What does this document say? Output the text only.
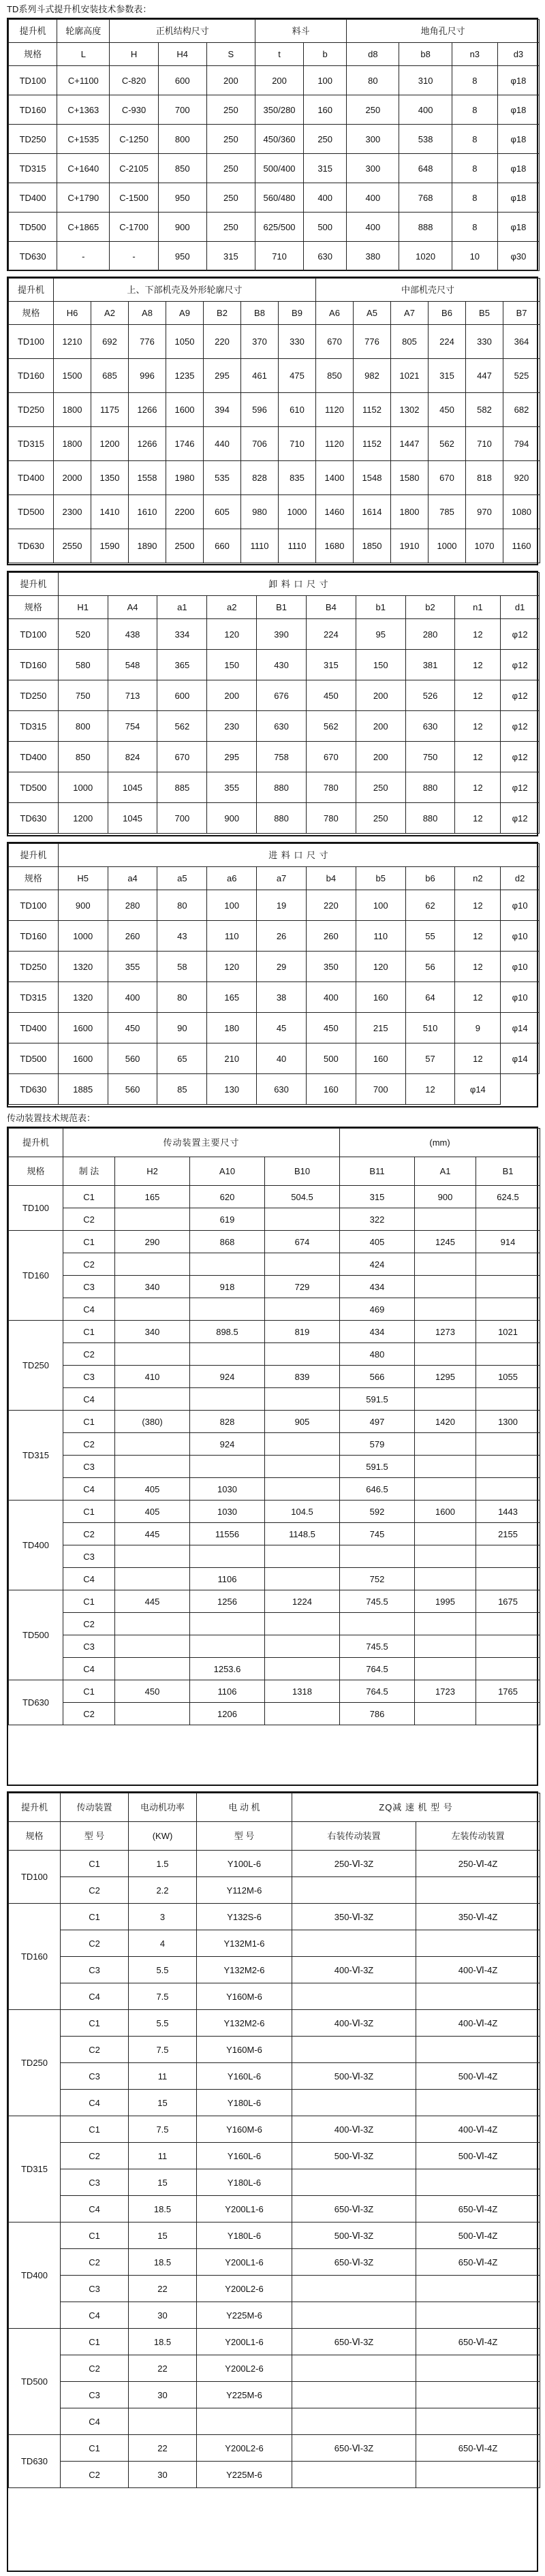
TD系列斗式提升机安装技术参数表：
提升机	轮廓高度	正机结构尺寸			料斗		地角孔尺寸			
规格	L	H	H4	S	t	b	d8	b8	n3	d3
TD100	C+1100	C-820	600	200	200	100	80	310	8	φ18
TD160	C+1363	C-930	700	250	350/280	160	250	400	8	φ18
TD250	C+1535	C-1250	800	250	450/360	250	300	538	8	φ18
TD315	C+1640	C-2105	850	250	500/400	315	300	648	8	φ18
TD400	C+1790	C-1500	950	250	560/480	400	400	768	8	φ18
TD500	C+1865	C-1700	900	250	625/500	500	400	888	8	φ18
TD630	-	-	950	315	710	630	380	1020	10	φ30
提升机	上、下部机壳及外形轮廓尺寸							中部机壳尺寸					
规格	H6	A2	A8	A9	B2	B8	B9	A6	A5	A7	B6	B5	B7
TD100	1210	692	776	1050	220	370	330	670	776	805	224	330	364
TD160	1500	685	996	1235	295	461	475	850	982	1021	315	447	525
TD250	1800	1175	1266	1600	394	596	610	1120	1152	1302	450	582	682
TD315	1800	1200	1266	1746	440	706	710	1120	1152	1447	562	710	794
TD400	2000	1350	1558	1980	535	828	835	1400	1548	1580	670	818	920
TD500	2300	1410	1610	2200	605	980	1000	1460	1614	1800	785	970	1080
TD630	2550	1590	1890	2500	660	1110	1110	1680	1850	1910	1000	1070	1160
提升机	卸 料 口 尺 寸									
规格	H1	A4	a1	a2	B1	B4	b1	b2	n1	d1
TD100	520	438	334	120	390	224	95	280	12	φ12
TD160	580	548	365	150	430	315	150	381	12	φ12
TD250	750	713	600	200	676	450	200	526	12	φ12
TD315	800	754	562	230	630	562	200	630	12	φ12
TD400	850	824	670	295	758	670	200	750	12	φ12
TD500	1000	1045	885	355	880	780	250	880	12	φ12
TD630	1200	1045	700	900	880	780	250	880	12	φ12
提升机	进 料 口 尺 寸									
规格	H5	a4	a5	a6	a7	b4	b5	b6	n2	d2
TD100	900	280	80	100	19	220	100	62	12	φ10
TD160	1000	260	43	110	26	260	110	55	12	φ10
TD250	1320	355	58	120	29	350	120	56	12	φ10
TD315	1320	400	80	165	38	400	160	64	12	φ10
TD400	1600	450	90	180	45	450	215	510	9	φ14
TD500	1600	560	65	210	40	500	160	57	12	φ14
TD630	1885	560	85	130	630	160	700	12	φ14	
传动装置技术规范表：
提升机	传动装置主要尺寸				(mm)		
规格	制 法	H2	A10	B10	B11	A1	B1
TD100	C1	165	620	504.5	315	900	624.5
	C2		619		322		
TD160	C1	290	868	674	405	1245	914
	C2				424		
	C3	340	918	729	434		
	C4				469		
TD250	C1	340	898.5	819	434	1273	1021
	C2				480		
	C3	410	924	839	566	1295	1055
	C4				591.5		
TD315	C1	(380)	828	905	497	1420	1300
	C2		924		579		
	C3				591.5		
	C4	405	1030		646.5		
TD400	C1	405	1030	104.5	592	1600	1443
	C2	445	11556	1148.5	745		2155
	C3						
	C4		1106		752		
TD500	C1	445	1256	1224	745.5	1995	1675
	C2						
	C3				745.5		
	C4		1253.6		764.5		
TD630	C1	450	1106	1318	764.5	1723	1765
	C2		1206		786		
提升机	传动装置	电动机功率	电 动 机	ZQ减 速 机 型 号	
规格	型 号	(KW)	型 号	右装传动装置	左装传动装置
TD100	C1	1.5	Y100L-6	250-Ⅵ-3Z	250-Ⅵ-4Z
	C2	2.2	Y112M-6		
TD160	C1	3	Y132S-6	350-Ⅵ-3Z	350-Ⅵ-4Z
	C2	4	Y132M1-6		
	C3	5.5	Y132M2-6	400-Ⅵ-3Z	400-Ⅵ-4Z
	C4	7.5	Y160M-6		
TD250	C1	5.5	Y132M2-6	400-Ⅵ-3Z	400-Ⅵ-4Z
	C2	7.5	Y160M-6		
	C3	11	Y160L-6	500-Ⅵ-3Z	500-Ⅵ-4Z
	C4	15	Y180L-6		
TD315	C1	7.5	Y160M-6	400-Ⅵ-3Z	400-Ⅵ-4Z
	C2	11	Y160L-6	500-Ⅵ-3Z	500-Ⅵ-4Z
	C3	15	Y180L-6		
	C4	18.5	Y200L1-6	650-Ⅵ-3Z	650-Ⅵ-4Z
TD400	C1	15	Y180L-6	500-Ⅵ-3Z	500-Ⅵ-4Z
	C2	18.5	Y200L1-6	650-Ⅵ-3Z	650-Ⅵ-4Z
	C3	22	Y200L2-6		
	C4	30	Y225M-6		
TD500	C1	18.5	Y200L1-6	650-Ⅵ-3Z	650-Ⅵ-4Z
	C2	22	Y200L2-6		
	C3	30	Y225M-6		
	C4				
TD630	C1	22	Y200L2-6	650-Ⅵ-3Z	650-Ⅵ-4Z
	C2	30	Y225M-6		
